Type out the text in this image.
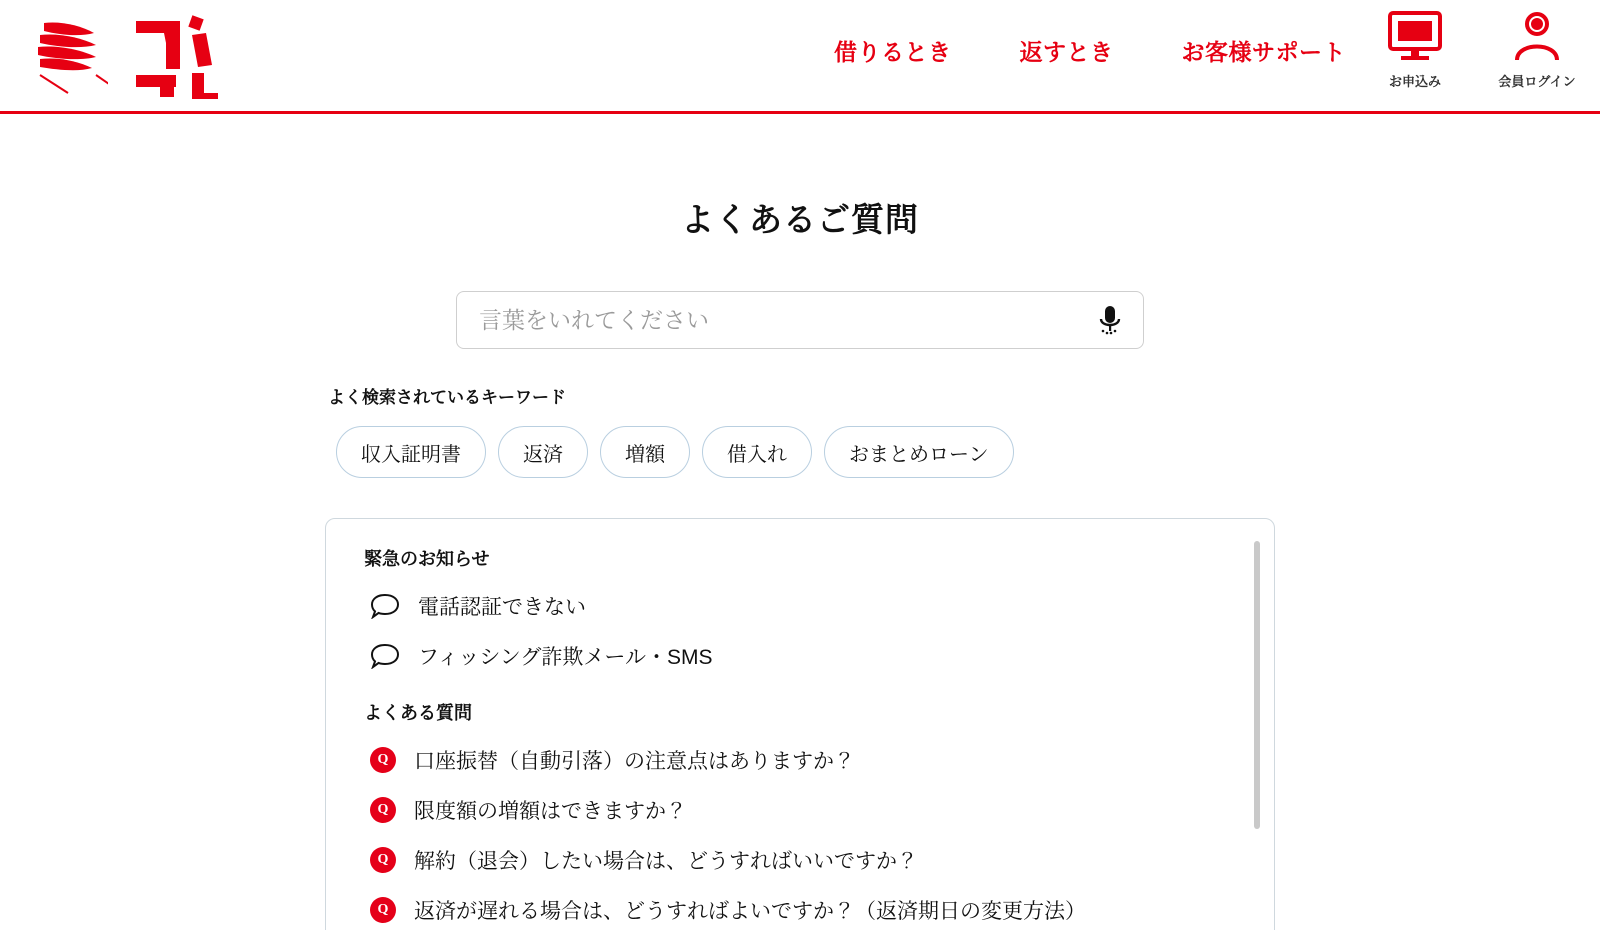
借りるとき	返すとき	お客様サポート
お申込み	会員ログイン
よくあるご質問
言葉をいれてください
よく検索されているキーワード
収入証明書	返済	増額	借入れ	おまとめローン
緊急のお知らせ
電話認証できない
フィッシング詐欺メール・SMS
よくある質問
Q	口座振替（自動引落）の注意点はありますか？
Q	限度額の増額はできますか？
Q	解約（退会）したい場合は、どうすればいいですか？
Q	返済が遅れる場合は、どうすればよいですか？（返済期日の変更方法）
